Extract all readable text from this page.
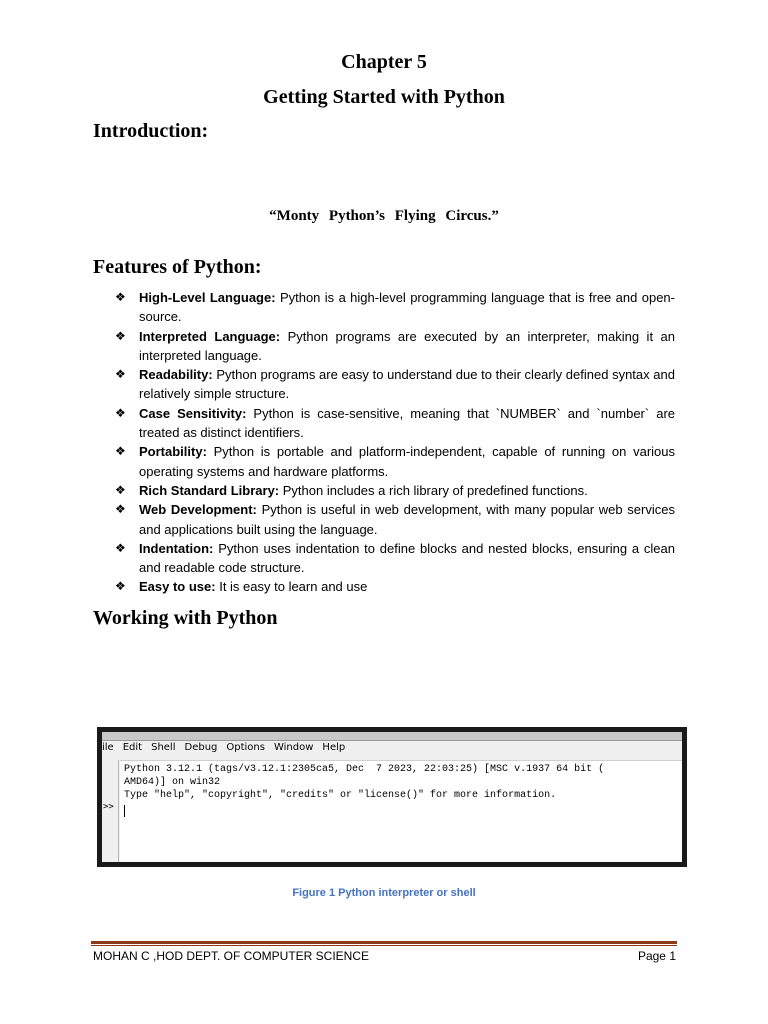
Chapter 5
Getting Started with Python
Introduction:
“Monty Python’s Flying Circus.”
Features of Python:
❖ High-Level Language: Python is a high-level programming language that is free and open-source.
❖ Interpreted Language: Python programs are executed by an interpreter, making it an interpreted language.
❖ Readability: Python programs are easy to understand due to their clearly defined syntax and relatively simple structure.
❖ Case Sensitivity: Python is case-sensitive, meaning that `NUMBER` and `number` are treated as distinct identifiers.
❖ Portability: Python is portable and platform-independent, capable of running on various operating systems and hardware platforms.
❖ Rich Standard Library: Python includes a rich library of predefined functions.
❖ Web Development: Python is useful in web development, with many popular web services and applications built using the language.
❖ Indentation: Python uses indentation to define blocks and nested blocks, ensuring a clean and readable code structure.
❖ Easy to use: It is easy to learn and use
Working with Python
ile Edit Shell Debug Options Window Help
>>
Python 3.12.1 (tags/v3.12.1:2305ca5, Dec  7 2023, 22:03:25) [MSC v.1937 64 bit (
AMD64)] on win32
Type "help", "copyright", "credits" or "license()" for more information.
Figure 1 Python interpreter or shell
MOHAN C ,HOD DEPT. OF COMPUTER SCIENCE	Page 1
